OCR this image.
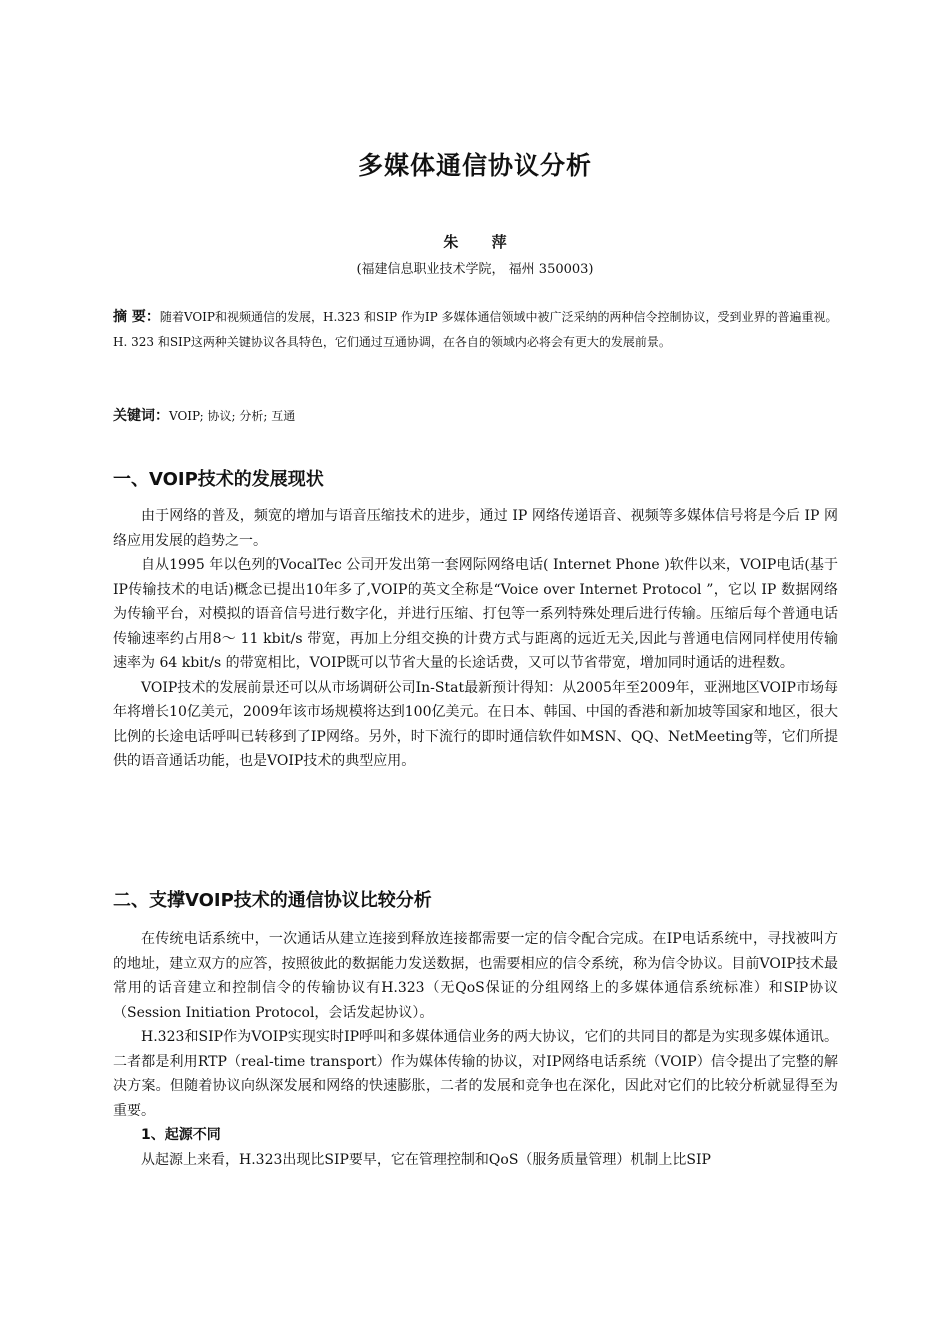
多媒体通信协议分析
朱 萍
(福建信息职业技术学院， 福州 350003)

摘 要：随着VOIP和视频通信的发展，H.323 和SIP 作为IP 多媒体通信领域中被广泛采纳的两种信令控制协议，受到业界的普遍重视。H. 323 和SIP这两种关键协议各具特色，它们通过互通协调，在各自的领域内必将会有更大的发展前景。

关键词：VOIP; 协议; 分析; 互通

一、VOIP技术的发展现状

由于网络的普及，频宽的增加与语音压缩技术的进步，通过 IP 网络传递语音、视频等多媒体信号将是今后 IP 网络应用发展的趋势之一。

自从1995 年以色列的VocalTec 公司开发出第一套网际网络电话( Internet Phone )软件以来，VOIP电话(基于IP传输技术的电话)概念已提出10年多了,VOIP的英文全称是“Voice over Internet Protocol ”，它以 IP 数据网络为传输平台，对模拟的语音信号进行数字化，并进行压缩、打包等一系列特殊处理后进行传输。压缩后每个普通电话传输速率约占用8～ 11 kbit/s 带宽，再加上分组交换的计费方式与距离的远近无关,因此与普通电信网同样使用传输速率为 64 kbit/s 的带宽相比，VOIP既可以节省大量的长途话费，又可以节省带宽，增加同时通话的进程数。

VOIP技术的发展前景还可以从市场调研公司In-Stat最新预计得知：从2005年至2009年，亚洲地区VOIP市场每年将增长10亿美元，2009年该市场规模将达到100亿美元。在日本、韩国、中国的香港和新加坡等国家和地区，很大比例的长途电话呼叫已转移到了IP网络。另外，时下流行的即时通信软件如MSN、QQ、NetMeeting等，它们所提供的语音通话功能，也是VOIP技术的典型应用。

二、支撑VOIP技术的通信协议比较分析

在传统电话系统中，一次通话从建立连接到释放连接都需要一定的信令配合完成。在IP电话系统中，寻找被叫方的地址，建立双方的应答，按照彼此的数据能力发送数据，也需要相应的信令系统，称为信令协议。目前VOIP技术最常用的话音建立和控制信令的传输协议有H.323（无QoS保证的分组网络上的多媒体通信系统标准）和SIP协议（Session Initiation Protocol，会话发起协议）。

H.323和SIP作为VOIP实现实时IP呼叫和多媒体通信业务的两大协议，它们的共同目的都是为实现多媒体通讯。二者都是利用RTP（real-time transport）作为媒体传输的协议，对IP网络电话系统（VOIP）信令提出了完整的解决方案。但随着协议向纵深发展和网络的快速膨胀，二者的发展和竞争也在深化，因此对它们的比较分析就显得至为重要。

1、起源不同

从起源上来看，H.323出现比SIP要早，它在管理控制和QoS（服务质量管理）机制上比SIP
